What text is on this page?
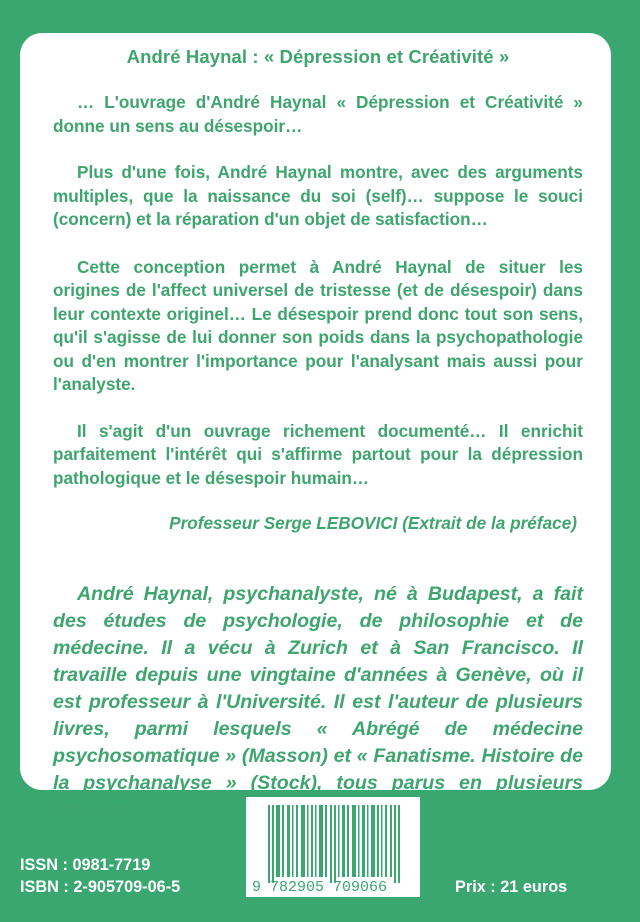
André Haynal : « Dépression et Créativité »

… L'ouvrage d'André Haynal « Dépression et Créativité » donne un sens au désespoir…

Plus d'une fois, André Haynal montre, avec des arguments multiples, que la naissance du soi (self)… suppose le souci (concern) et la réparation d'un objet de satisfaction…

Cette conception permet à André Haynal de situer les origines de l'affect universel de tristesse (et de désespoir) dans leur contexte originel… Le désespoir prend donc tout son sens, qu'il s'agisse de lui donner son poids dans la psychopathologie ou d'en montrer l'importance pour l'analysant mais aussi pour l'analyste.

Il s'agit d'un ouvrage richement documenté… Il enrichit parfaitement l'intérêt qui s'affirme partout pour la dépression pathologique et le désespoir humain…

Professeur Serge LEBOVICI (Extrait de la préface)

André Haynal, psychanalyste, né à Budapest, a fait des études de psychologie, de philosophie et de médecine. Il a vécu à Zurich et à San Francisco. Il travaille depuis une vingtaine d'années à Genève, où il est professeur à l'Université. Il est l'auteur de plusieurs livres, parmi lesquels « Abrégé de médecine psychosomatique » (Masson) et « Fanatisme. Histoire de la psychanalyse » (Stock), tous parus en plusieurs langues.

ISSN : 0981-7719
ISBN : 2-905709-06-5	9 782905 709066	Prix : 21 euros
